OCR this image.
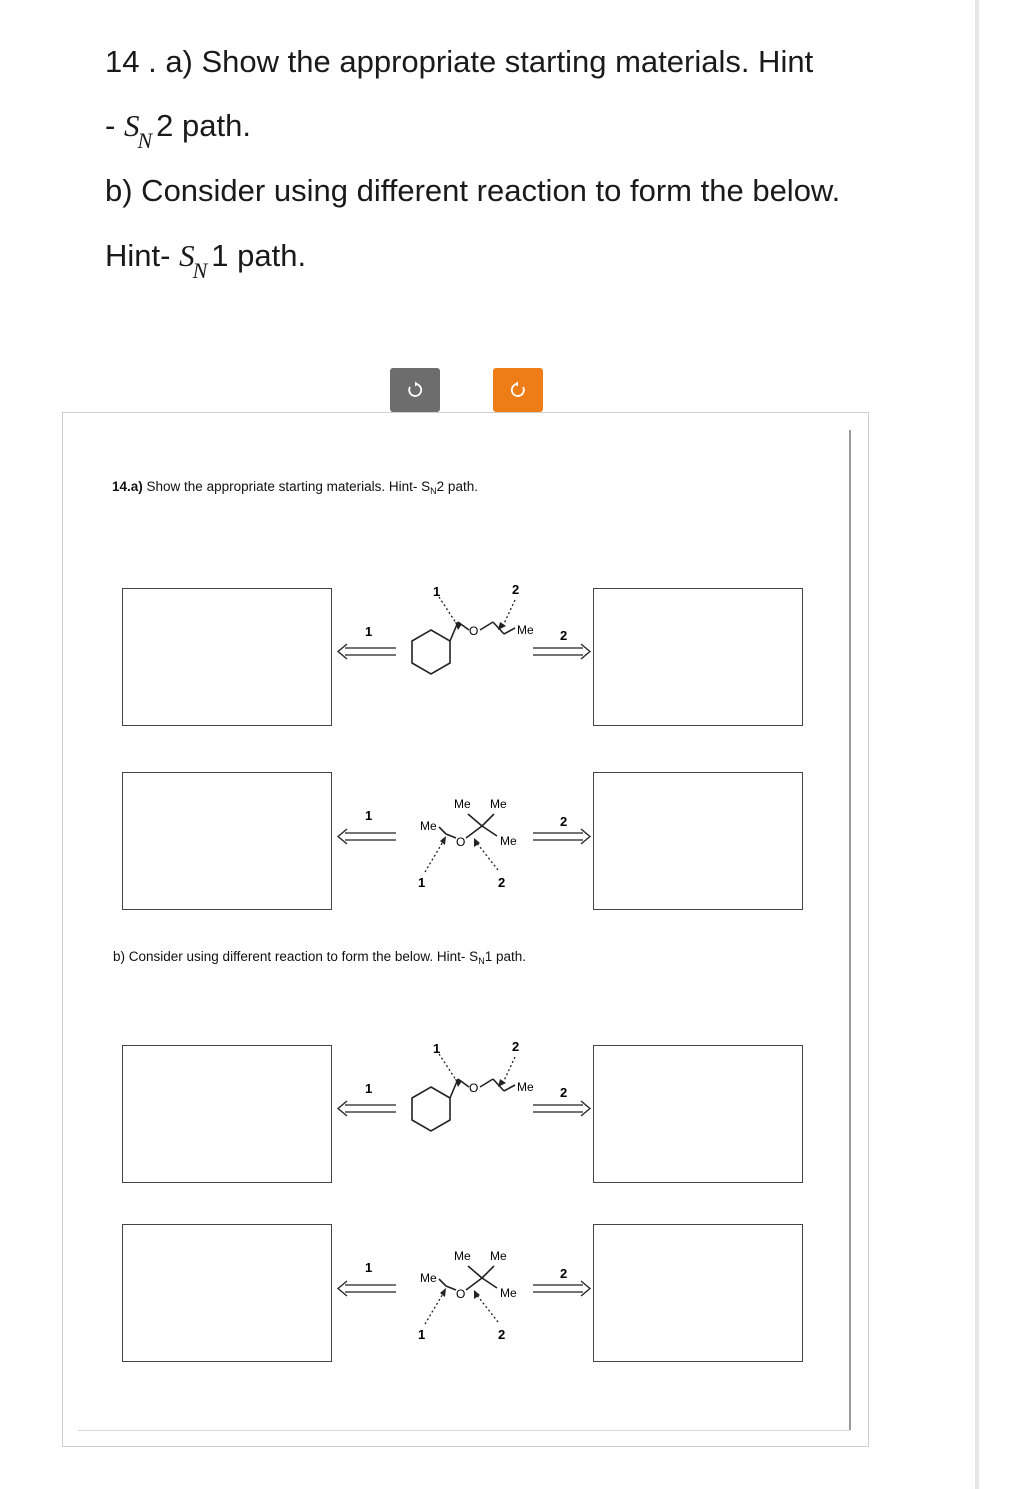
14 . a) Show the appropriate starting materials. Hint
- $S_N$ 2 path.
b) Consider using different reaction to form the below.
Hint- $S_N$ 1 path.
14.a) Show the appropriate starting materials. Hint- $S_N2$ path.
b) Consider using different reaction to form the below. Hint- $S_N1$ path.
O	Me
1	2
1	2
Me
O
Me Me
Me
1	2
1	2
O	Me
1	2
1	2
Me
O
Me Me
Me
1	2
1	2
